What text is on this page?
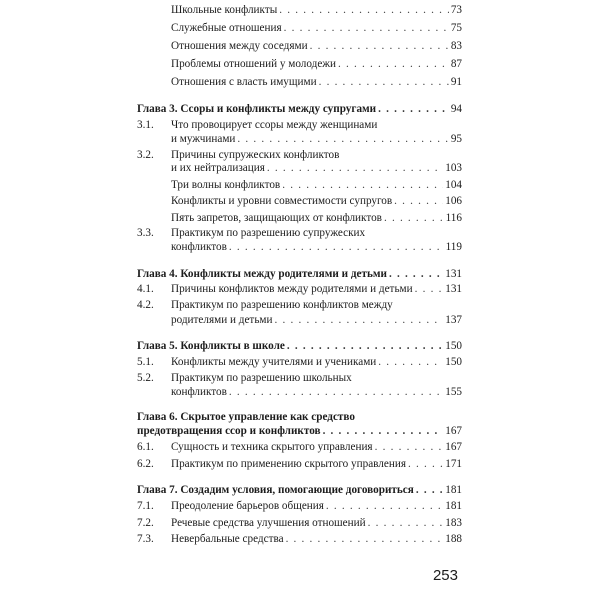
Школьные конфликты . . .	73
Служебные отношения . . .	75
Отношения между соседями . . .	83
Проблемы отношений у молодежи . . .	87
Отношения с власть имущими . . .	91
Глава 3. Ссоры и конфликты между супругами . . .	94
3.1. Что провоцирует ссоры между женщинами
и мужчинами . . .	95
3.2. Причины супружеских конфликтов
и их нейтрализация . . .	103
Три волны конфликтов . . .	104
Конфликты и уровни совместимости супругов . . .	106
Пять запретов, защищающих от конфликтов . . .	116
3.3. Практикум по разрешению супружеских
конфликтов . . .	119
Глава 4. Конфликты между родителями и детьми . . .	131
4.1. Причины конфликтов между родителями и детьми . . .	131
4.2. Практикум по разрешению конфликтов между
родителями и детьми . . .	137
Глава 5. Конфликты в школе . . .	150
5.1. Конфликты между учителями и учениками . . .	150
5.2. Практикум по разрешению школьных
конфликтов . . .	155
Глава 6. Скрытое управление как средство
предотвращения ссор и конфликтов . . .	167
6.1. Сущность и техника скрытого управления . . .	167
6.2. Практикум по применению скрытого управления . . .	171
Глава 7. Создадим условия, помогающие договориться . . .	181
7.1. Преодоление барьеров общения . . .	181
7.2. Речевые средства улучшения отношений . . .	183
7.3. Невербальные средства . . .	188
253
